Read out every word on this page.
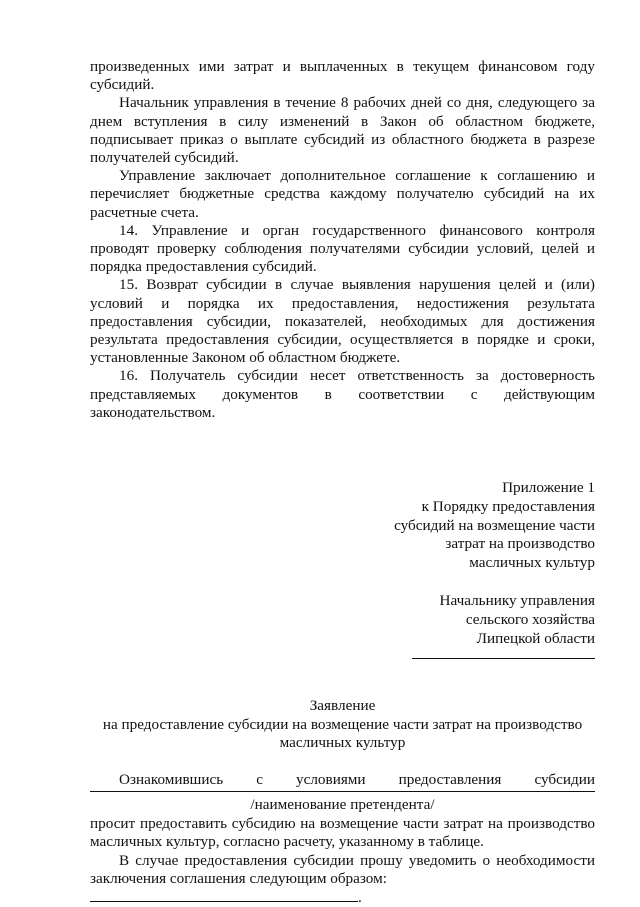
произведенных ими затрат и выплаченных в текущем финансовом году субсидий.

Начальник управления в течение 8 рабочих дней со дня, следующего за днем вступления в силу изменений в Закон об областном бюджете, подписывает приказ о выплате субсидий из областного бюджета в разрезе получателей субсидий.

Управление заключает дополнительное соглашение к соглашению и перечисляет бюджетные средства каждому получателю субсидий на их расчетные счета.

14. Управление и орган государственного финансового контроля проводят проверку соблюдения получателями субсидии условий, целей и порядка предоставления субсидий.

15. Возврат субсидии в случае выявления нарушения целей и (или) условий и порядка их предоставления, недостижения результата предоставления субсидии, показателей, необходимых для достижения результата предоставления субсидии, осуществляется в порядке и сроки, установленные Законом об областном бюджете.

16. Получатель субсидии несет ответственность за достоверность представляемых документов в соответствии с действующим законодательством.

Приложение 1
к Порядку предоставления
субсидий на возмещение части
затрат на производство
масличных культур
Начальнику управления
сельского хозяйства
Липецкой области
Заявление
на предоставление субсидии на возмещение части затрат на производство
масличных культур

Ознакомившись с условиями предоставления субсидии

/наименование претендента/

просит предоставить субсидию на возмещение части затрат на производство масличных культур, согласно расчету, указанному в таблице.

В случае предоставления субсидии прошу уведомить о необходимости заключения соглашения следующим образом:

.
